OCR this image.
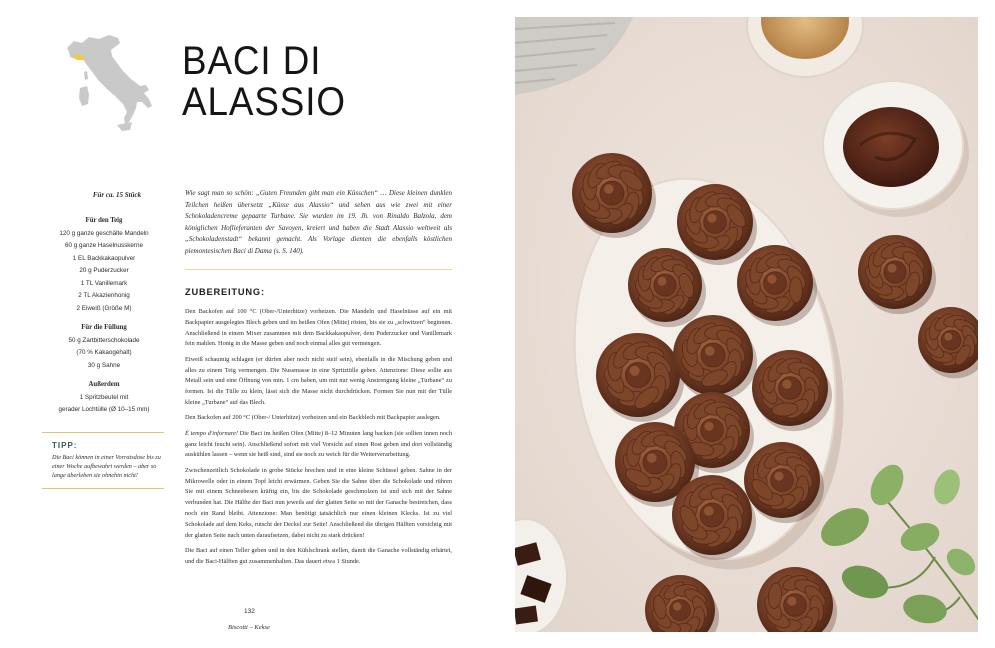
BACI DI
ALASSIO
Für ca. 15 Stück
Für den Teig
120 g ganze geschälte Mandeln
60 g ganze Haselnusskerne
1 EL Backkakaopulver
20 g Puderzucker
1 TL Vanillemark
2 TL Akazienhonig
2 Eiweiß (Größe M)
Für die Füllung
50 g Zartbitterschokolade
(70 % Kakaogehalt)
30 g Sahne
Außerdem
1 Spritzbeutel mit
gerader Lochtülle (Ø 10–15 mm)
TIPP:
Die Baci können in einer Vorratsdose bis zu einer Woche aufbewahrt werden – aber so lange überleben sie ohnehin nicht!
Wie sagt man so schön: „Guten Freunden gibt man ein Küsschen“ … Diese kleinen dunklen Teilchen heißen übersetzt „Küsse aus Alassio“ und sehen aus wie zwei mit einer Schokoladencreme gepaarte Turbane. Sie wurden im 19. Jh. von Rinaldo Balzola, dem königlichen Hoflieferanten der Savoyen, kreiert und haben die Stadt Alassio weltweit als „Schokoladenstadt“ bekannt gemacht. Als Vorlage dienten die ebenfalls köstlichen piemontesischen Baci di Dama (s. S. 140).
ZUBEREITUNG:

Den Backofen auf 100 °C (Ober-/Unterhitze) vorheizen. Die Mandeln und Haselnüsse auf ein mit Backpapier ausgelegtes Blech geben und im heißen Ofen (Mitte) rösten, bis sie zu „schwitzen“ beginnen. Anschließend in einem Mixer zusammen mit dem Backkakaopulver, dem Puderzucker und Vanillemark fein mahlen. Honig in die Masse geben und noch einmal alles gut vermengen.

Eiweiß schaumig schlagen (er dürfen aber noch nicht steif sein), ebenfalls in die Mischung geben und alles zu einem Teig vermengen. Die Nussmasse in eine Spritztülle geben. Attenzione: Diese sollte aus Metall sein und eine Öffnung von min. 1 cm haben, um mit nur wenig Anstrengung kleine „Turbane“ zu formen. Ist die Tülle zu klein, lässt sich die Masse nicht durchdrücken. Formen Sie nun mit der Tülle kleine „Turbane“ auf das Blech.

Den Backofen auf 200 °C (Ober-/ Unterhitze) vorheizen und ein Backblech mit Backpapier auslegen.

È tempo d'infornare! Die Baci im heißen Ofen (Mitte) 8–12 Minuten lang backen (sie sollten innen noch ganz leicht feucht sein). Anschließend sofort mit viel Vorsicht auf einen Rost geben und dort vollständig auskühlen lassen – wenn sie heiß sind, sind sie noch zu weich für die Weiterverarbeitung.

Zwischenzeitlich Schokolade in grobe Stücke brechen und in eine kleine Schüssel geben. Sahne in der Mikrowelle oder in einem Topf leicht erwärmen. Geben Sie die Sahne über die Schokolade und rühren Sie mit einem Schneebesen kräftig ein, bis die Schokolade geschmolzen ist und sich mit der Sahne verbunden hat. Die Hälfte der Baci nun jeweils auf der glatten Seite so mit der Ganache bestreichen, dass noch ein Rand bleibt. Attenzione: Man benötigt tatsächlich nur einen kleinen Klecks. Ist zu viel Schokolade auf dem Keks, rutscht der Deckel zur Seite! Anschließend die übrigen Hälften vorsichtig mit der glatten Seite nach unten daraufsetzen, dabei nicht zu stark drücken!

Die Baci auf einen Teller geben und in den Kühlschrank stellen, damit die Ganache vollständig erhärtet, und die Baci-Hälften gut zusammenhalten. Das dauert etwa 1 Stunde.

132
Biscotti – Kekse
